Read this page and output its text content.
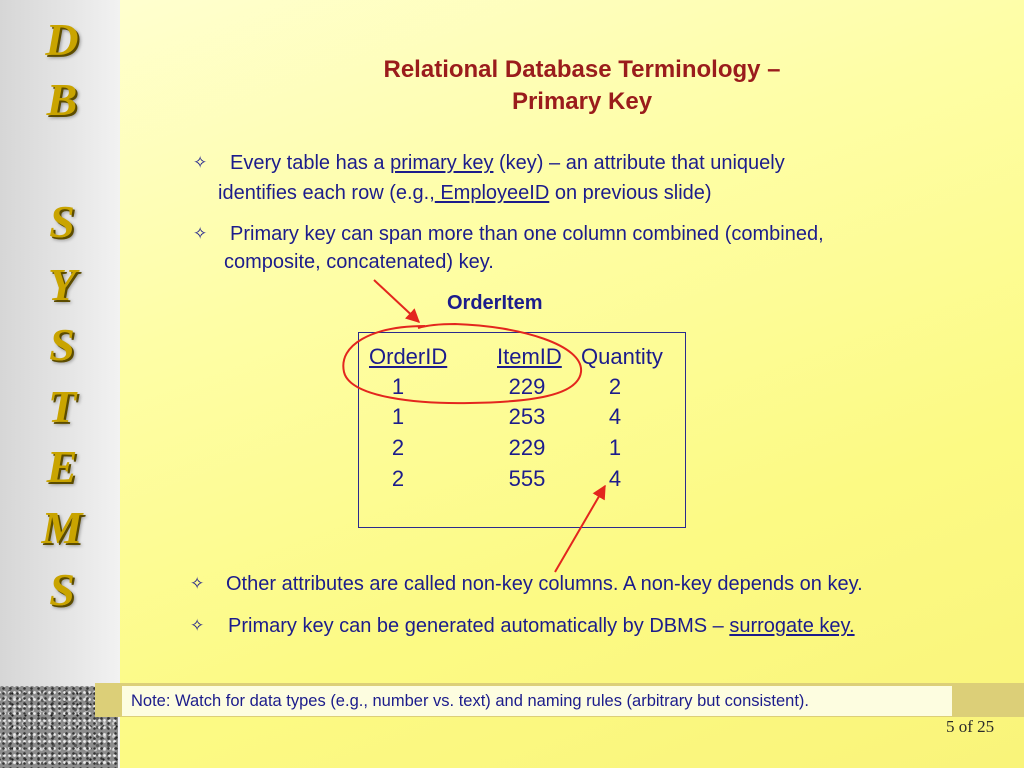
D
B
S
Y
S
T
E
M
S
Relational Database Terminology –
Primary Key
✧
Every table has a primary key (key) – an attribute that uniquely
identifies each row (e.g., EmployeeID on previous slide)
✧
Primary key can span more than one column combined (combined,
composite, concatenated) key.
OrderItem
OrderID ItemID Quantity
1	229	2
1	253	4
2	229	1
2	555	4
✧
Other attributes are called non-key columns. A non-key depends on key.
✧
Primary key can be generated automatically by DBMS – surrogate key.
Note: Watch for data types (e.g., number vs. text) and naming rules (arbitrary but consistent).
5 of 25
